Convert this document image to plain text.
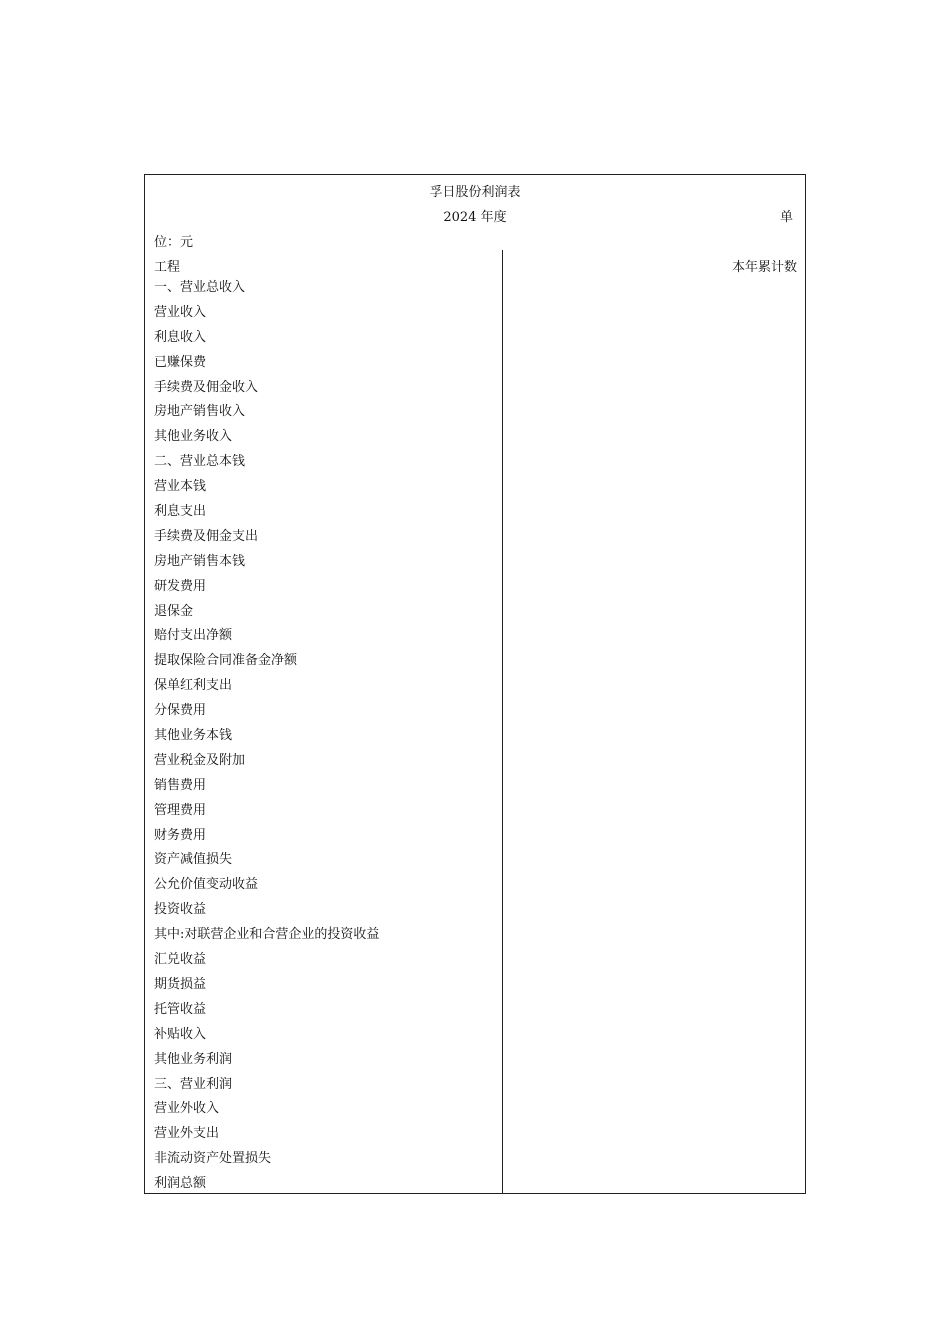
孚日股份利润表
2024 年度	单
位：元
工程	本年累计数
一、营业总收入
营业收入
利息收入
已赚保费
手续费及佣金收入
房地产销售收入
其他业务收入
二、营业总本钱
营业本钱
利息支出
手续费及佣金支出
房地产销售本钱
研发费用
退保金
赔付支出净额
提取保险合同准备金净额
保单红利支出
分保费用
其他业务本钱
营业税金及附加
销售费用
管理费用
财务费用
资产减值损失
公允价值变动收益
投资收益
其中:对联营企业和合营企业的投资收益
汇兑收益
期货损益
托管收益
补贴收入
其他业务利润
三、营业利润
营业外收入
营业外支出
非流动资产处置损失
利润总额
